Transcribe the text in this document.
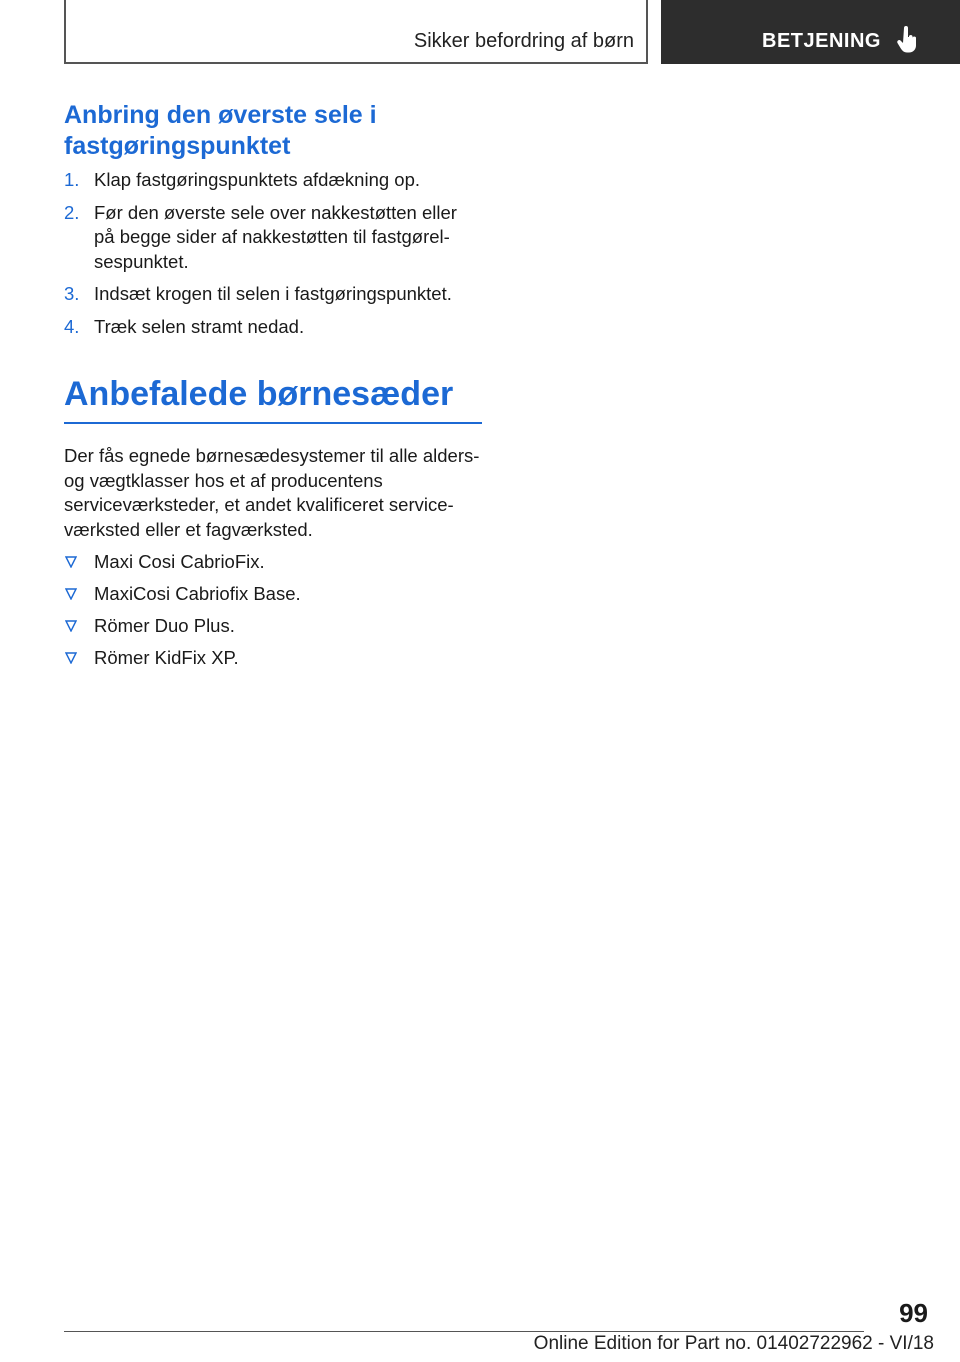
Sikker befordring af børn	BETJENING
Anbring den øverste sele i fastgøringspunktet
1. Klap fastgøringspunktets afdækning op.
2. Før den øverste sele over nakkestøtten eller på begge sider af nakkestøtten til fastgørelsespunktet.
3. Indsæt krogen til selen i fastgøringspunktet.
4. Træk selen stramt nedad.
Anbefalede børnesæder

Der fås egnede børnesædesystemer til alle alders- og vægtklasser hos et af producentens serviceværksteder, et andet kvalificeret serviceværksted eller et fagværksted.

Maxi Cosi CabrioFix.
MaxiCosi Cabriofix Base.
Römer Duo Plus.
Römer KidFix XP.
99
Online Edition for Part no. 01402722962 - VI/18
